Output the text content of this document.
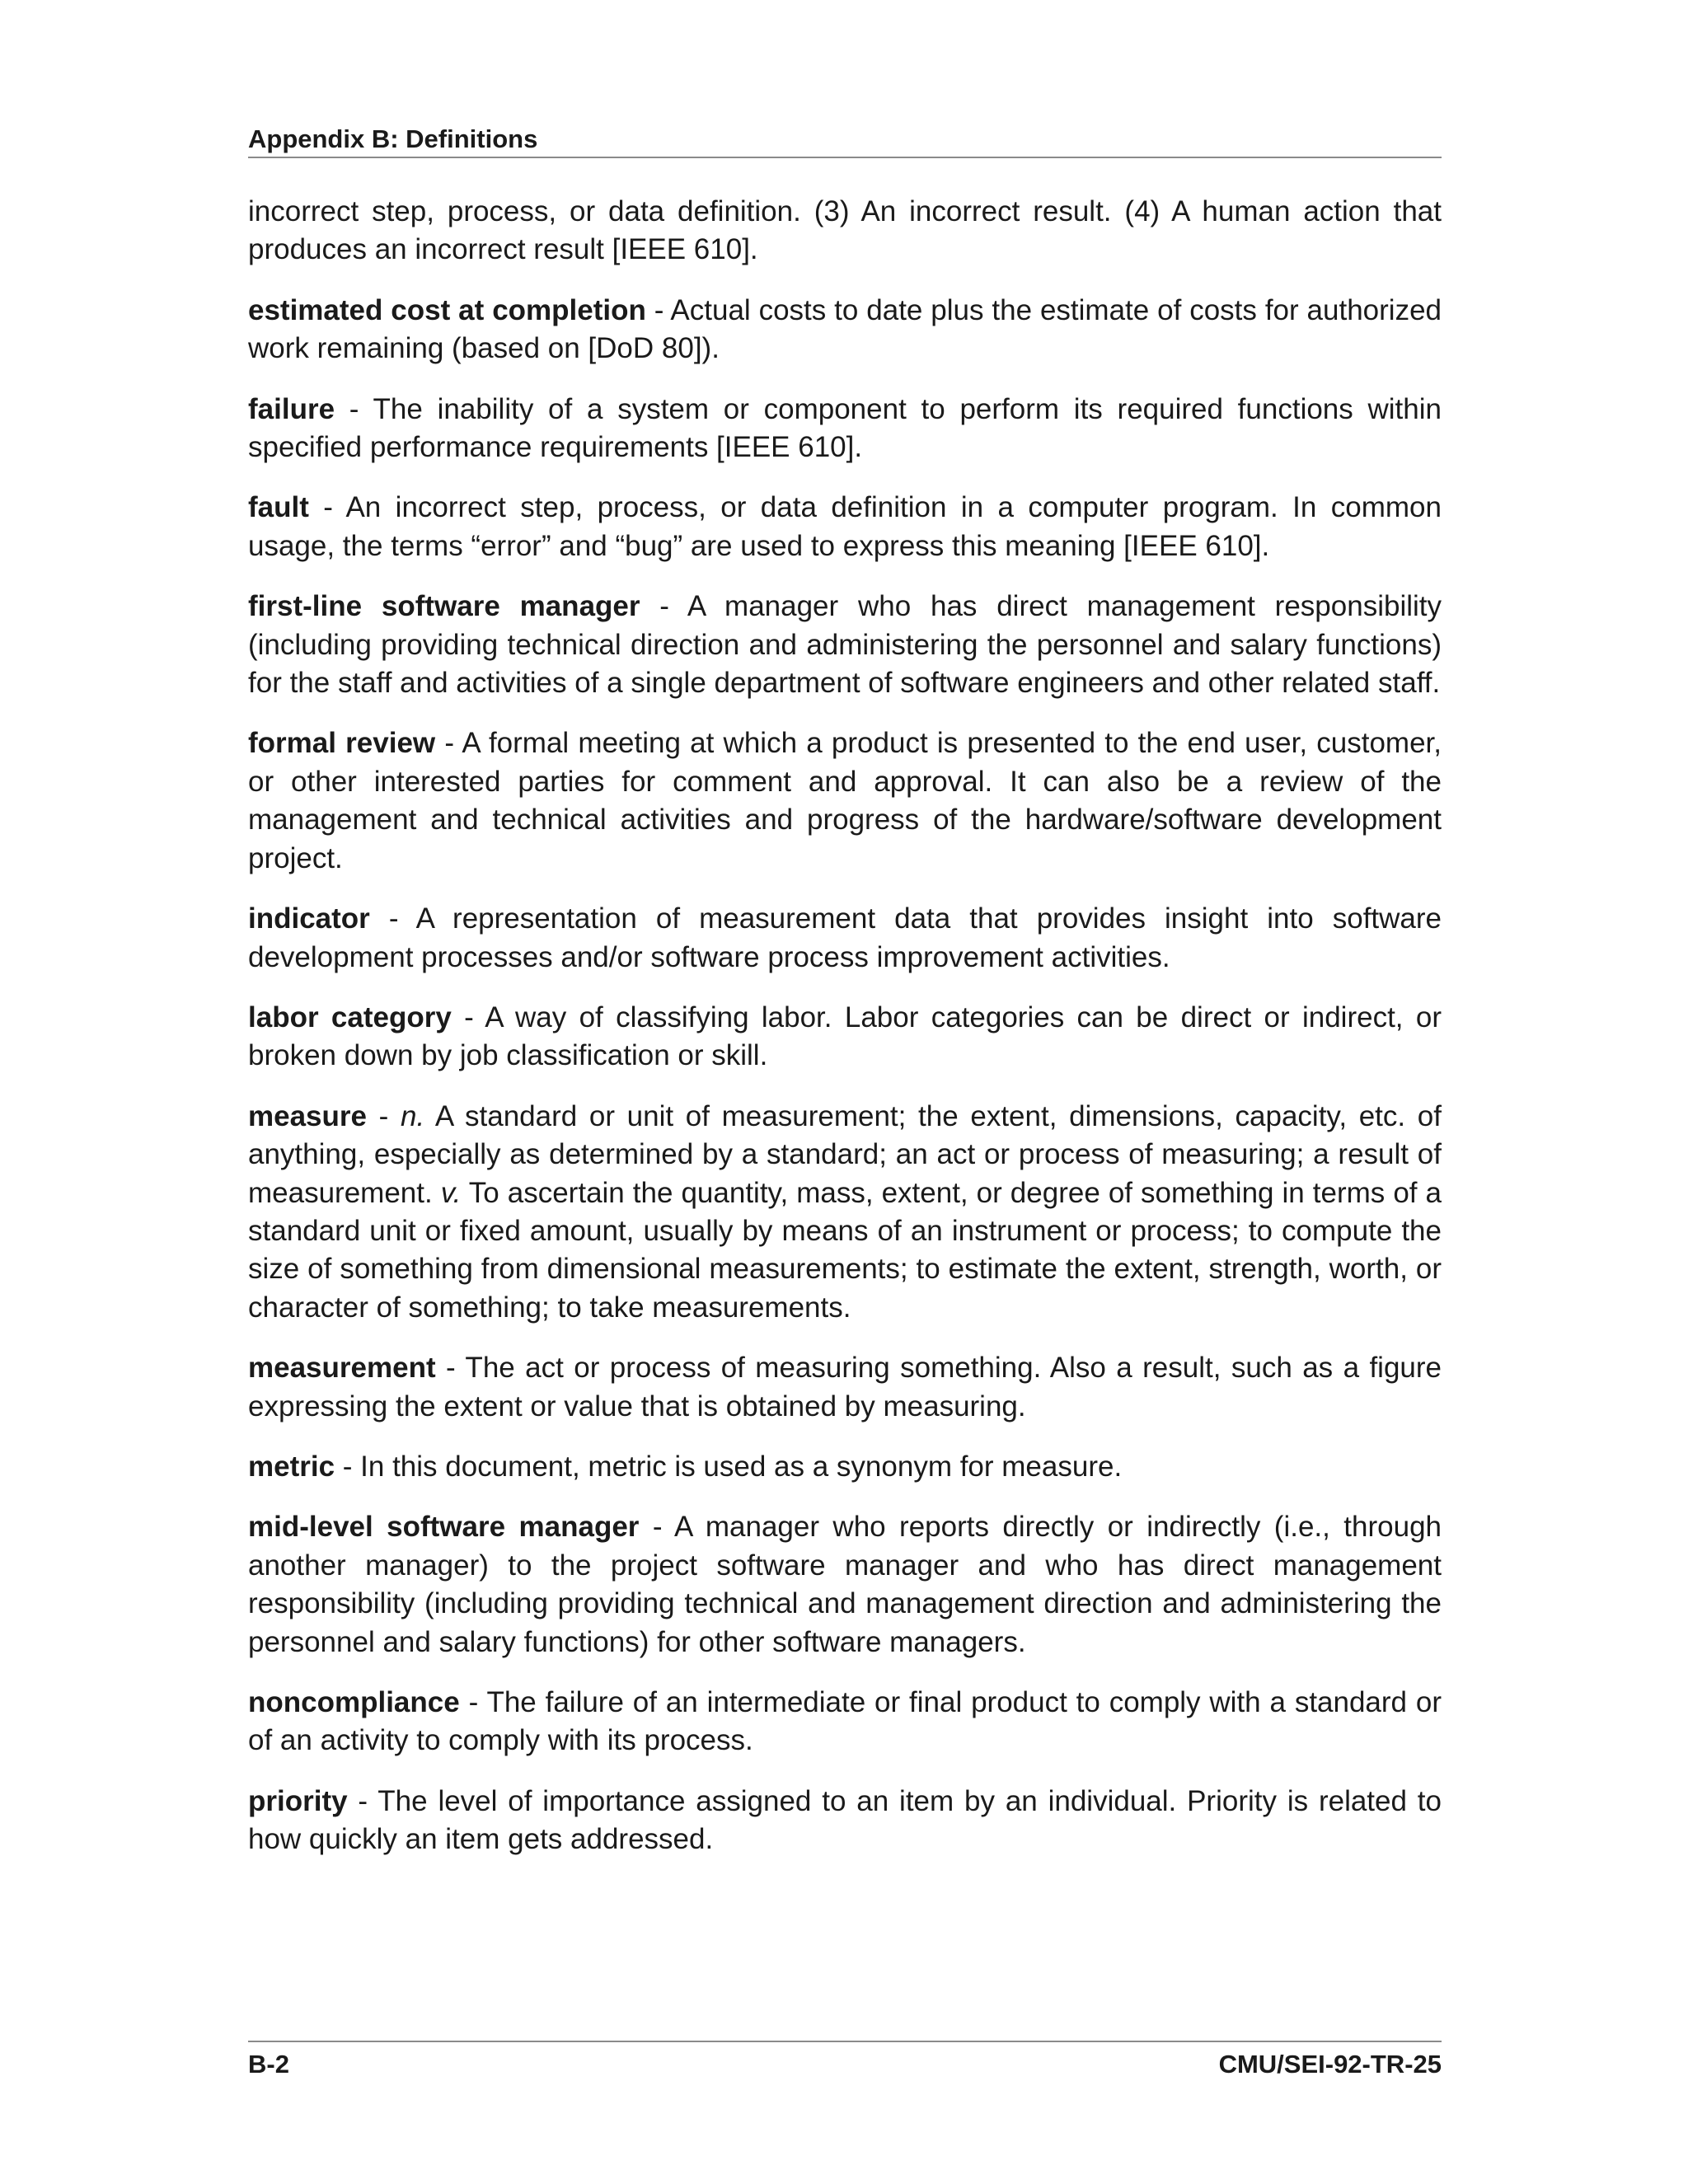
Appendix B: Definitions

incorrect step, process, or data definition. (3) An incorrect result. (4) A human action that produces an incorrect result [IEEE 610].

estimated cost at completion - Actual costs to date plus the estimate of costs for authorized work remaining (based on [DoD 80]).

failure - The inability of a system or component to perform its required functions within specified performance requirements [IEEE 610].

fault - An incorrect step, process, or data definition in a computer program. In common usage, the terms “error” and “bug” are used to express this meaning [IEEE 610].

first-line software manager - A manager who has direct management responsibility (including providing technical direction and administering the personnel and salary functions) for the staff and activities of a single department of software engineers and other related staff.

formal review - A formal meeting at which a product is presented to the end user, customer, or other interested parties for comment and approval. It can also be a review of the management and technical activities and progress of the hardware/software development project.

indicator - A representation of measurement data that provides insight into software development processes and/or software process improvement activities.

labor category - A way of classifying labor. Labor categories can be direct or indirect, or broken down by job classification or skill.

measure - n. A standard or unit of measurement; the extent, dimensions, capacity, etc. of anything, especially as determined by a standard; an act or process of measuring; a result of measurement. v. To ascertain the quantity, mass, extent, or degree of something in terms of a standard unit or fixed amount, usually by means of an instrument or process; to compute the size of something from dimensional measurements; to estimate the extent, strength, worth, or character of something; to take measurements.

measurement - The act or process of measuring something. Also a result, such as a figure expressing the extent or value that is obtained by measuring.

metric - In this document, metric is used as a synonym for measure.

mid-level software manager - A manager who reports directly or indirectly (i.e., through another manager) to the project software manager and who has direct management responsibility (including providing technical and management direction and administering the personnel and salary functions) for other software managers.

noncompliance - The failure of an intermediate or final product to comply with a standard or of an activity to comply with its process.

priority - The level of importance assigned to an item by an individual. Priority is related to how quickly an item gets addressed.

B-2	CMU/SEI-92-TR-25
